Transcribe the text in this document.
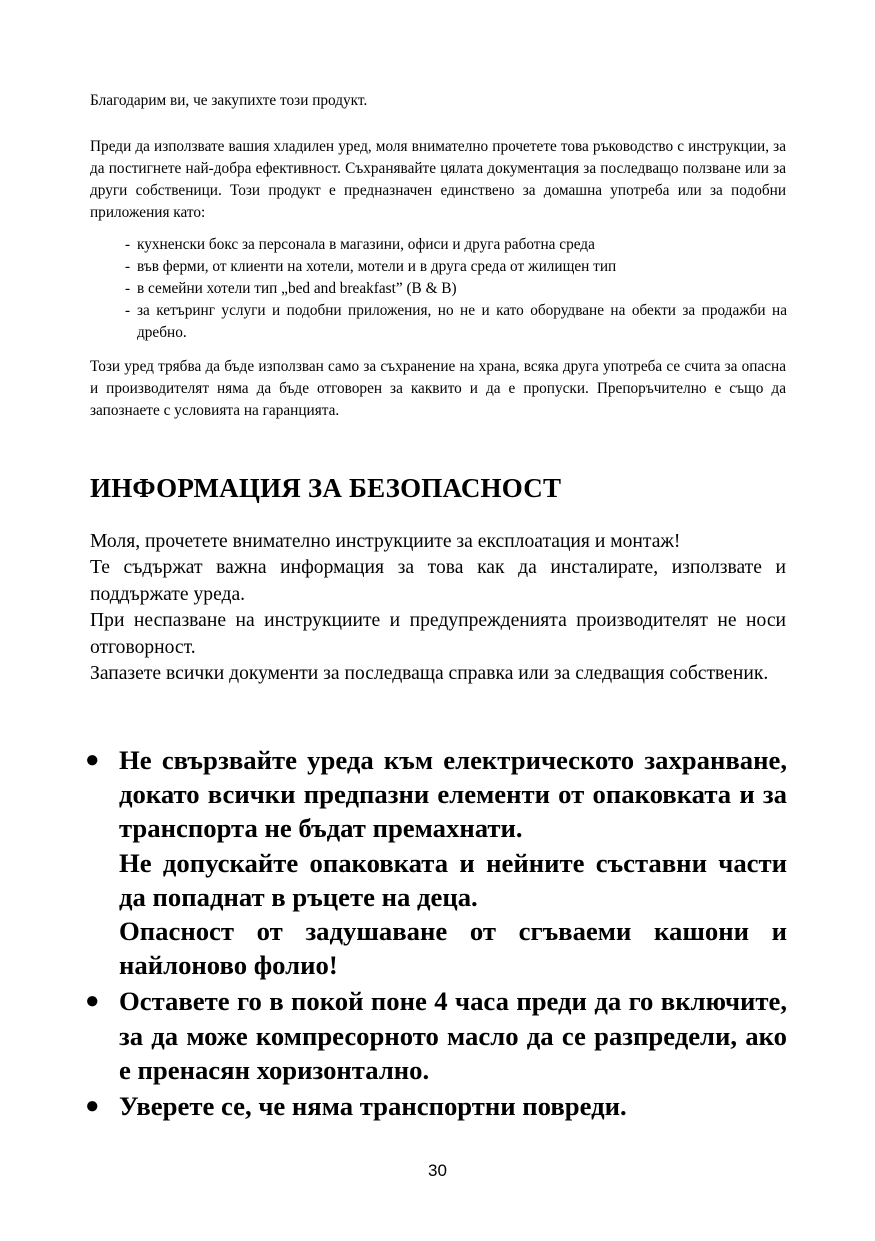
Благодарим ви, че закупихте този продукт.

Преди да използвате вашия хладилен уред, моля внимателно прочетете това ръководство с инструкции, за да постигнете най-добра ефективност. Съхранявайте цялата документация за последващо ползване или за други собственици. Този продукт е предназначен единствено за домашна употреба или за подобни приложения като:

- кухненски бокс за персонала в магазини, офиси и друга работна среда
- във ферми, от клиенти на хотели, мотели и в друга среда от жилищен тип
- в семейни хотели тип „bed and breakfast” (B & B)
- за кетъринг услуги и подобни приложения, но не и като оборудване на обекти за продажби на дребно.

Този уред трябва да бъде използван само за съхранение на храна, всяка друга употреба се счита за опасна и производителят няма да бъде отговорен за каквито и да е пропуски. Препоръчително е също да запознаете с условията на гаранцията.

ИНФОРМАЦИЯ ЗА БЕЗОПАСНОСТ

Моля, прочетете внимателно инструкциите за експлоатация и монтаж!

Те съдържат важна информация за това как да инсталирате, използвате и поддържате уреда.

При неспазване на инструкциите и предупрежденията производителят не носи отговорност.

Запазете всички документи за последваща справка или за следващия собственик.

● Не свързвайте уреда към електрическото захранване, докато всички предпазни елементи от опаковката и за транспорта не бъдат премахнати.

Не допускайте опаковката и нейните съставни части да попаднат в ръцете на деца.

Опасност от задушаване от сгъваеми кашони и найлоново фолио!

● Оставете го в покой поне 4 часа преди да го включите, за да може компресорното масло да се разпредели, ако е пренасян хоризонтално.

● Уверете се, че няма транспортни повреди.

30
